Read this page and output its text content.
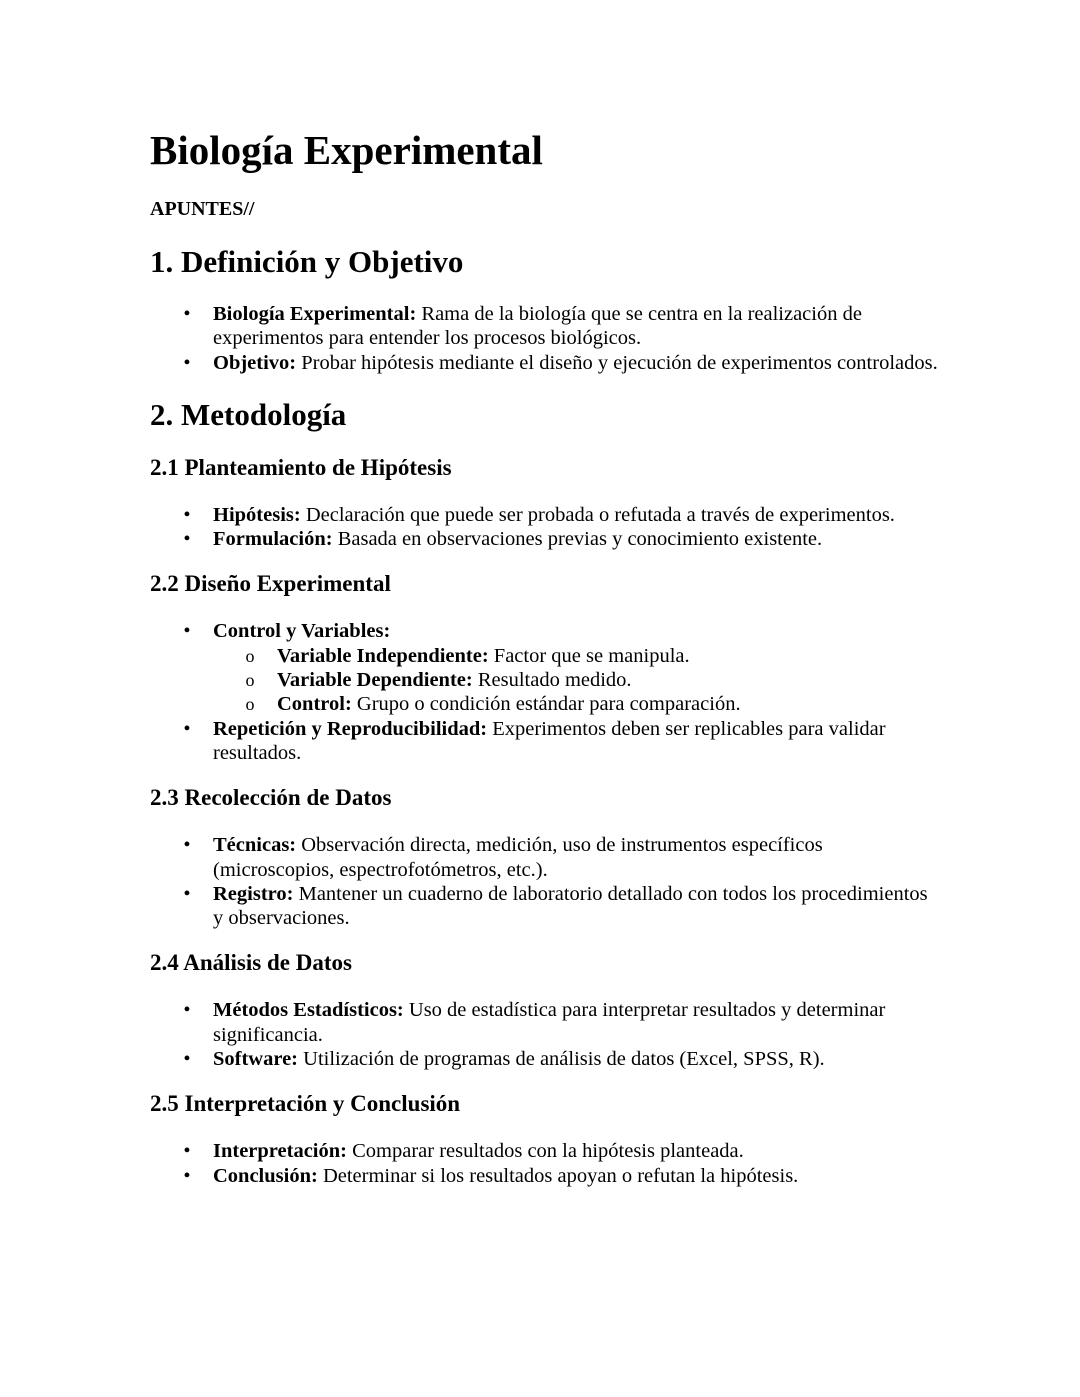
Biología Experimental
APUNTES//
1. Definición y Objetivo
• Biología Experimental: Rama de la biología que se centra en la realización de experimentos para entender los procesos biológicos.
• Objetivo: Probar hipótesis mediante el diseño y ejecución de experimentos controlados.
2. Metodología
2.1 Planteamiento de Hipótesis
• Hipótesis: Declaración que puede ser probada o refutada a través de experimentos.
• Formulación: Basada en observaciones previas y conocimiento existente.
2.2 Diseño Experimental
• Control y Variables:
o Variable Independiente: Factor que se manipula.
o Variable Dependiente: Resultado medido.
o Control: Grupo o condición estándar para comparación.
• Repetición y Reproducibilidad: Experimentos deben ser replicables para validar resultados.
2.3 Recolección de Datos
• Técnicas: Observación directa, medición, uso de instrumentos específicos (microscopios, espectrofotómetros, etc.).
• Registro: Mantener un cuaderno de laboratorio detallado con todos los procedimientos y observaciones.
2.4 Análisis de Datos
• Métodos Estadísticos: Uso de estadística para interpretar resultados y determinar significancia.
• Software: Utilización de programas de análisis de datos (Excel, SPSS, R).
2.5 Interpretación y Conclusión
• Interpretación: Comparar resultados con la hipótesis planteada.
• Conclusión: Determinar si los resultados apoyan o refutan la hipótesis.
